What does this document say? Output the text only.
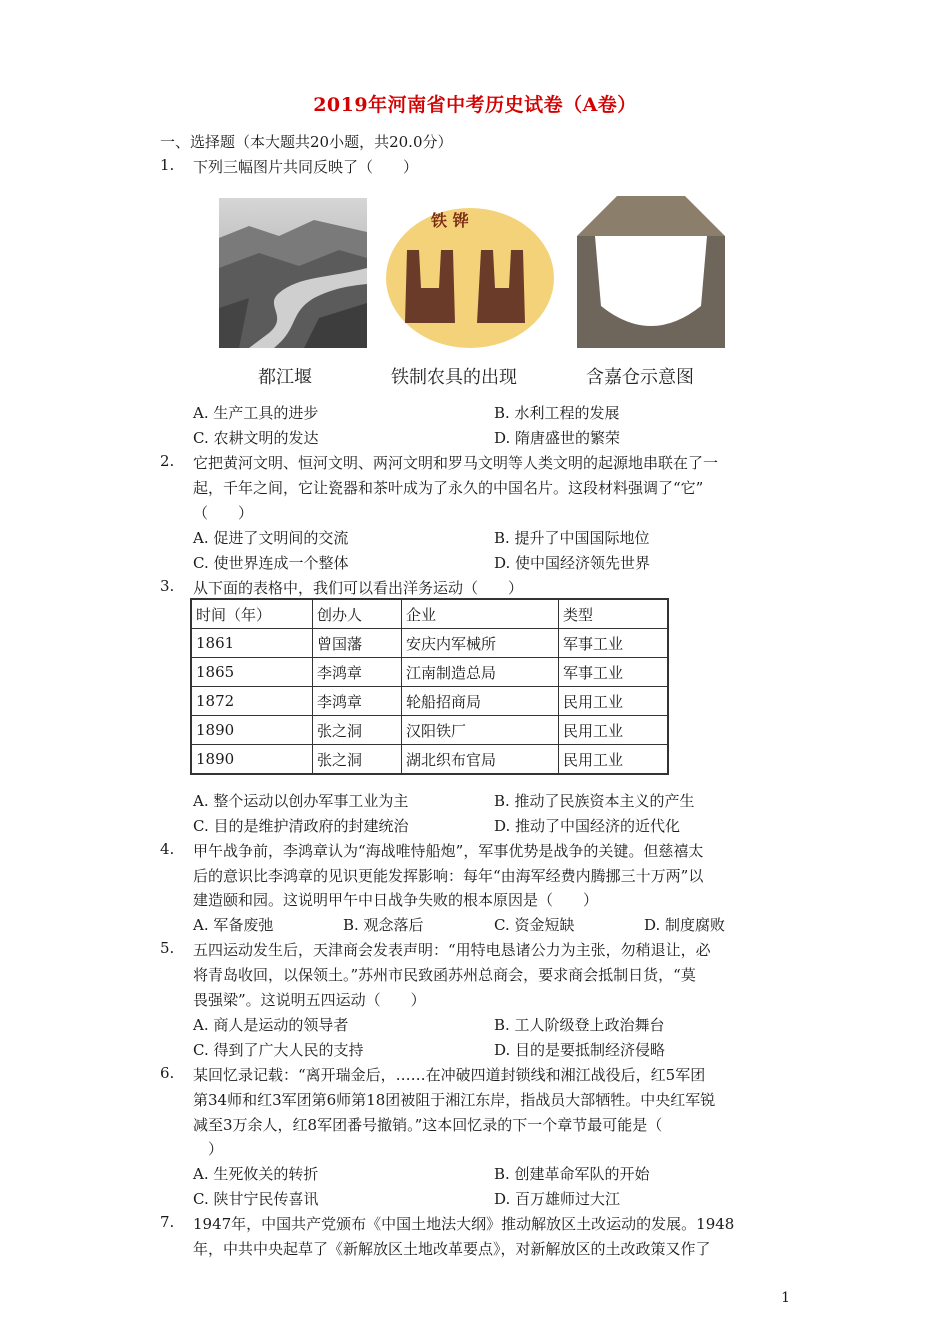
2019年河南省中考历史试卷（A卷）
一、选择题（本大题共20小题，共20.0分）
1. 下列三幅图片共同反映了（　　）
铁 铧
都江堰	铁制农具的出现	含嘉仓示意图
A. 生产工具的进步	B. 水利工程的发展
C. 农耕文明的发达	D. 隋唐盛世的繁荣
2. 它把黄河文明、恒河文明、两河文明和罗马文明等人类文明的起源地串联在了一
起，千年之间，它让瓷器和茶叶成为了永久的中国名片。这段材料强调了“它”
（　　）
A. 促进了文明间的交流	B. 提升了中国国际地位
C. 使世界连成一个整体	D. 使中国经济领先世界
3. 从下面的表格中，我们可以看出洋务运动（　　）
时间（年）	创办人	企业	类型
1861	曾国藩	安庆内军械所	军事工业
1865	李鸿章	江南制造总局	军事工业
1872	李鸿章	轮船招商局	民用工业
1890	张之洞	汉阳铁厂	民用工业
1890	张之洞	湖北织布官局	民用工业
A. 整个运动以创办军事工业为主	B. 推动了民族资本主义的产生
C. 目的是维护清政府的封建统治	D. 推动了中国经济的近代化
4. 甲午战争前，李鸿章认为“海战唯恃船炮”，军事优势是战争的关键。但慈禧太
后的意识比李鸿章的见识更能发挥影响：每年“由海军经费内腾挪三十万两”以
建造颐和园。这说明甲午中日战争失败的根本原因是（　　）
A. 军备废弛	B. 观念落后	C. 资金短缺	D. 制度腐败
5. 五四运动发生后，天津商会发表声明：“用特电恳诸公力为主张，勿稍退让，必
将青岛收回，以保领土。”苏州市民致函苏州总商会，要求商会抵制日货，“莫
畏强梁”。这说明五四运动（　　）
A. 商人是运动的领导者	B. 工人阶级登上政治舞台
C. 得到了广大人民的支持	D. 目的是要抵制经济侵略
6. 某回忆录记载：“离开瑞金后，……在冲破四道封锁线和湘江战役后，红5军团
第34师和红3军团第6师第18团被阻于湘江东岸，指战员大部牺牲。中央红军锐
减至3万余人，红8军团番号撤销。”这本回忆录的下一个章节最可能是（
　）
A. 生死攸关的转折	B. 创建革命军队的开始
C. 陕甘宁民传喜讯	D. 百万雄师过大江
7. 1947年，中国共产党颁布《中国土地法大纲》推动解放区土改运动的发展。1948
年，中共中央起草了《新解放区土地改革要点》，对新解放区的土改政策又作了
1
